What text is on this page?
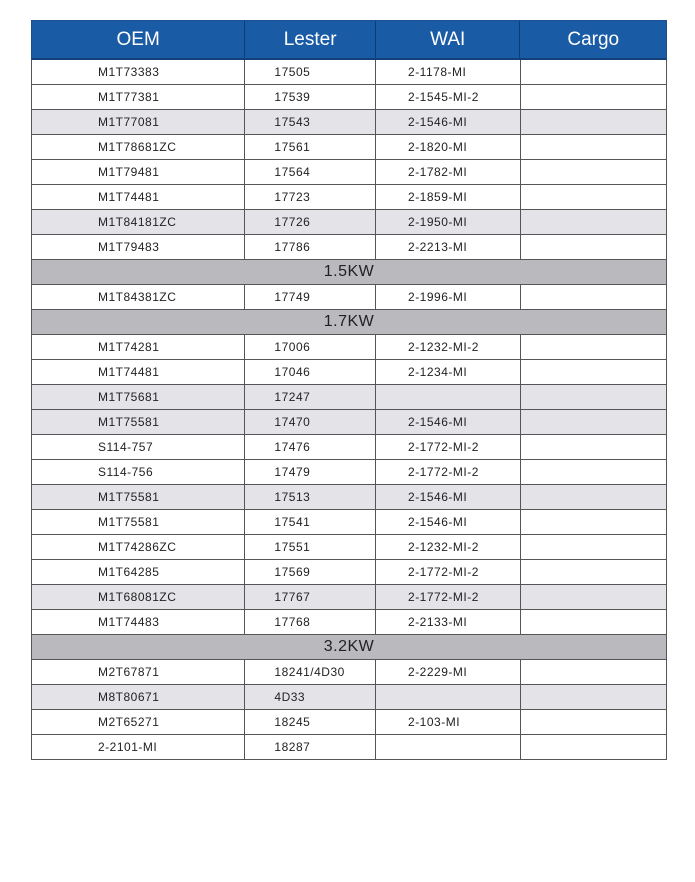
OEM	Lester	WAI	Cargo
M1T73383	17505	2-1178-MI
M1T77381	17539	2-1545-MI-2
M1T77081	17543	2-1546-MI
M1T78681ZC	17561	2-1820-MI
M1T79481	17564	2-1782-MI
M1T74481	17723	2-1859-MI
M1T84181ZC	17726	2-1950-MI
M1T79483	17786	2-2213-MI
1.5KW
M1T84381ZC	17749	2-1996-MI
1.7KW
M1T74281	17006	2-1232-MI-2
M1T74481	17046	2-1234-MI
M1T75681	17247
M1T75581	17470	2-1546-MI
S114-757	17476	2-1772-MI-2
S114-756	17479	2-1772-MI-2
M1T75581	17513	2-1546-MI
M1T75581	17541	2-1546-MI
M1T74286ZC	17551	2-1232-MI-2
M1T64285	17569	2-1772-MI-2
M1T68081ZC	17767	2-1772-MI-2
M1T74483	17768	2-2133-MI
3.2KW
M2T67871	18241/4D30	2-2229-MI
M8T80671	4D33
M2T65271	18245	2-103-MI
2-2101-MI	18287
